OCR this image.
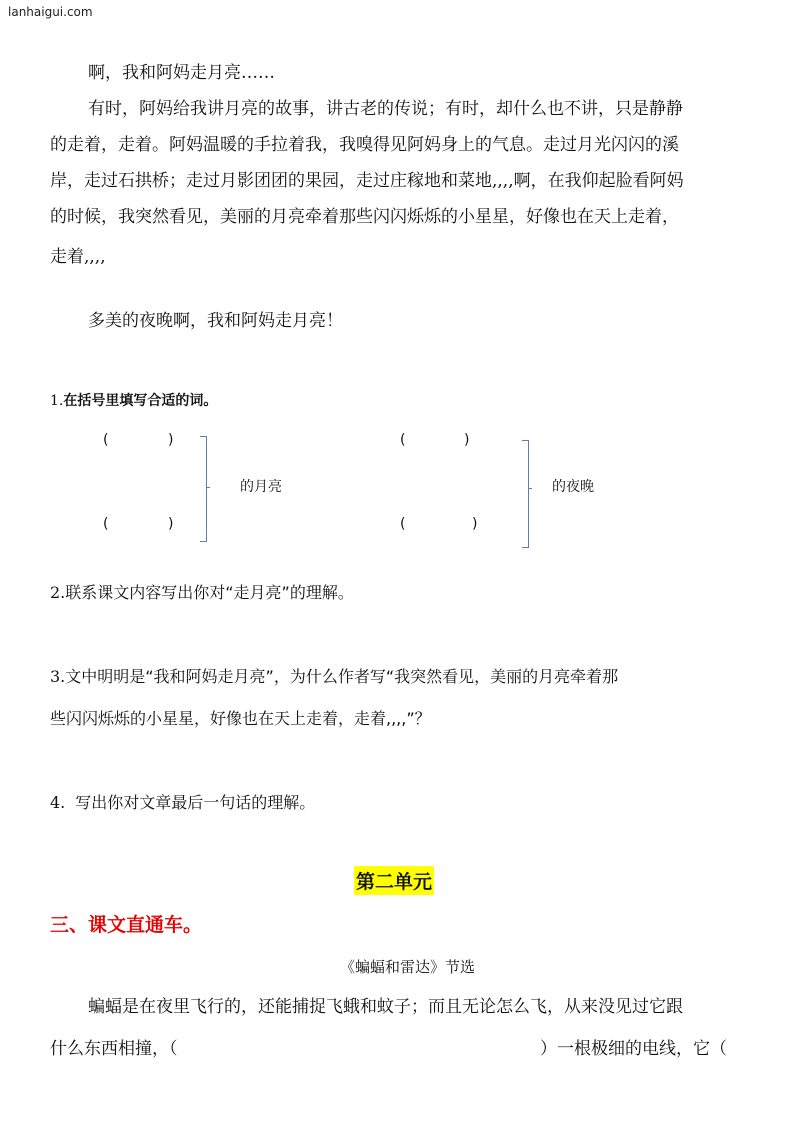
lanhaigui.com
啊，我和阿妈走月亮……
有时，阿妈给我讲月亮的故事，讲古老的传说；有时，却什么也不讲，只是静静
的走着，走着。阿妈温暖的手拉着我，我嗅得见阿妈身上的气息。走过月光闪闪的溪
岸，走过石拱桥；走过月影团团的果园，走过庄稼地和菜地,,,,啊，在我仰起脸看阿妈
的时候，我突然看见，美丽的月亮牵着那些闪闪烁烁的小星星，好像也在天上走着，
走着,,,,
多美的夜晚啊，我和阿妈走月亮！
1.在括号里填写合适的词。
(	)
(	)
的月亮
(	)
(	)
的夜晚
2.联系课文内容写出你对“走月亮”的理解。
3.文中明明是“我和阿妈走月亮”，为什么作者写“我突然看见，美丽的月亮牵着那
些闪闪烁烁的小星星，好像也在天上走着，走着,,,,”？
4. 写出你对文章最后一句话的理解。
第二单元
三、课文直通车。
《蝙蝠和雷达》节选
蝙蝠是在夜里飞行的，还能捕捉飞蛾和蚊子；而且无论怎么飞，从来没见过它跟
什么东西相撞，（	）一根极细的电线，它（
